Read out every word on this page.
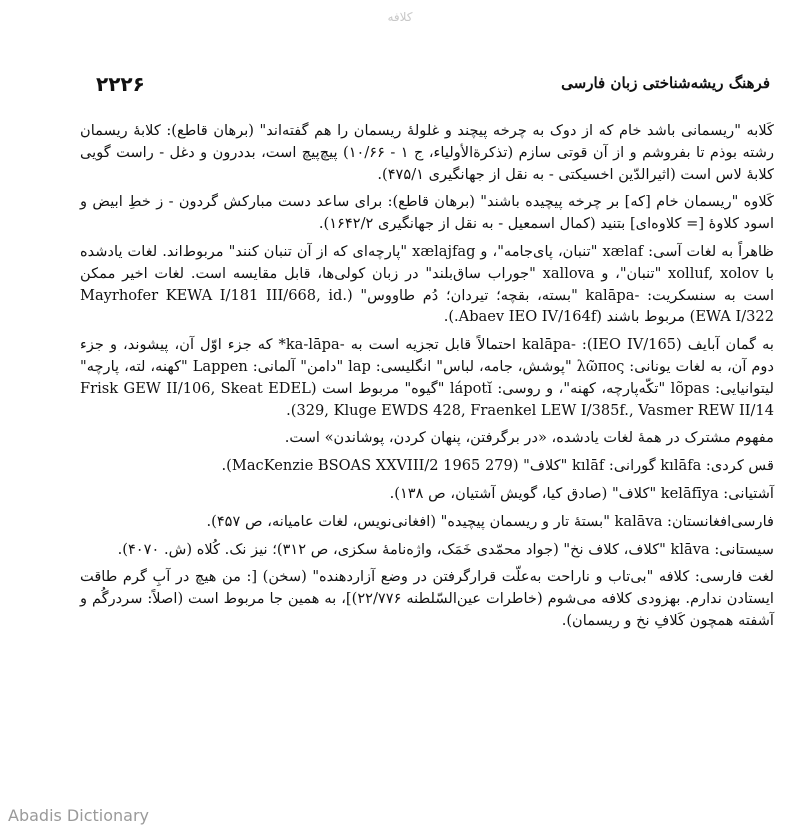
کلافه
۲۲۲۶	فرهنگ ریشه‌شناختی زبان فارسی

کَلابه "ریسمانی باشد خام که از دوک به چرخه پیچند و غلولهٔ ریسمان را هم گفته‌اند" (برهان قاطع): کلابهٔ ریسمان رشته بوذم تا بفروشم و از آن قوتی سازم (تذکرة‌الأولیاء، ج ۱ - ۱۰/۶۶) پیچ‌پیچ است، بددرون و دغل - راست گویی کلابهٔ لاس است (اثیرالدّین اخسیکتی - به نقل از جهانگیری ۴۷۵/۱).

کَلاوه "ریسمان خام [که] بر چرخه پیچیده باشند" (برهان قاطع): برای ساعد دست مبارکش گردون - ز خطِ ابیض و اسود کلاوهٔ [= کلاوه‌ای] بتنید (کمال اسمعیل - به نقل از جهانگیری ۱۶۴۲/۲).

ظاهراً به لغات آسی: xælaf "تنبان، پای‌جامه"، و xælajfag "پارچه‌ای که از آن تنبان کنند" مربوط‌اند. لغات یادشده با xolluf, xolov "تنبان"، و xallova "جوراب ساق‌بلند" در زبان کولی‌ها، قابل مقایسه است. لغات اخیر ممکن است به سنسکریت: -kalāpa "بسته، بقچه؛ تیردان؛ دُم طاووس" (Mayrhofer KEWA I/181 III/668, id. EWA I/322) مربوط باشند (Abaev IEO IV/164f.).

به گمان آبایف (IEO IV/165): -kalāpa احتمالاً قابل تجزیه است به -ka-lāpa* که جزء اوّل آن، پیشوند، و جزء دوم آن، به لغات یونانی: λῶπος "پوشش، جامه، لباس" انگلیسی: lap "دامن" آلمانی: Lappen "کهنه، لته، پارچه" لیتوانیایی: lõpas "تکّه‌پارچه، کهنه"، و روسی: lápotĭ "گیوه" مربوط است (Frisk GEW II/106, Skeat EDEL 329, Kluge EWDS 428, Fraenkel LEW I/385f., Vasmer REW II/14).

مفهوم مشترک در همهٔ لغات یادشده، «در برگرفتن، پنهان کردن، پوشاندن» است.

قس کردی: kılāfa گورانی: kılāf "کلاف" (MacKenzie BSOAS XXVIII/2 1965 279).

آشتیانی: kelāfīya "کلاف" (صادق کیا، گویش آشتیان، ص ۱۳۸).

فارسی‌افغانستان: kalāva "بستهٔ تار و ریسمان پیچیده" (افغانی‌نویس، لغات عامیانه، ص ۴۵۷).

سیستانی: klāva "کلاف، کلاف نخ" (جواد محمّدی خَمَک، واژه‌نامهٔ سکزی، ص ۳۱۲)؛ نیز نک. کُلاه (ش. ۴۰۷۰).

لغت فارسی: کلافه "بی‌تاب و ناراحت به‌علّت قرارگرفتن در وضع آزاردهنده" (سخن) [: من هیچ در آبِ گرم طاقت ایستادن ندارم. بهزودی کلافه می‌شوم (خاطرات عین‌السّلطنه ۲۲/۷۷۶)]، به همین جا مربوط است (اصلاً: سردرگُم و آشفته همچون کَلافِ نخ و ریسمان).

Abadis Dictionary
